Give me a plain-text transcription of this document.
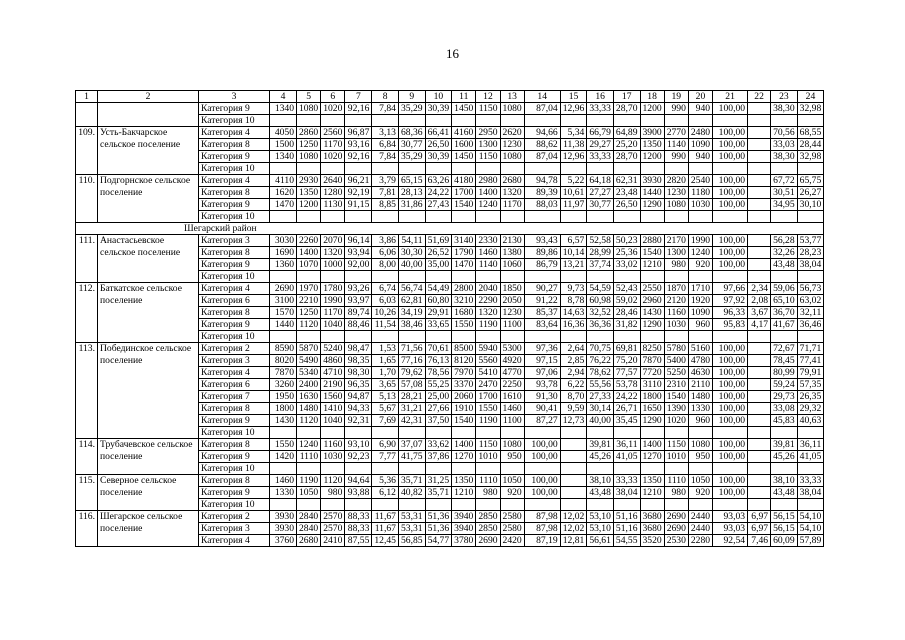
16
1	2	3	4	5	6	7	8	9	10	11	12	13	14	15	16	17	18	19	20	21	22	23	24
		Категория 9	1340	1080	1020	92,16	7,84	35,29	30,39	1450	1150	1080	87,04	12,96	33,33	28,70	1200	990	940	100,00		38,30	32,98
		Категория 10																					
109.	Усть-Бакчарское сельское поселение	Категория 4	4050	2860	2560	96,87	3,13	68,36	66,41	4160	2950	2620	94,66	5,34	66,79	64,89	3900	2770	2480	100,00		70,56	68,55
		Категория 8	1500	1250	1170	93,16	6,84	30,77	26,50	1600	1300	1230	88,62	11,38	29,27	25,20	1350	1140	1090	100,00		33,03	28,44
		Категория 9	1340	1080	1020	92,16	7,84	35,29	30,39	1450	1150	1080	87,04	12,96	33,33	28,70	1200	990	940	100,00		38,30	32,98
		Категория 10																					
110.	Подгорнское сельское поселение	Категория 4	4110	2930	2640	96,21	3,79	65,15	63,26	4180	2980	2680	94,78	5,22	64,18	62,31	3930	2820	2540	100,00		67,72	65,75
		Категория 8	1620	1350	1280	92,19	7,81	28,13	24,22	1700	1400	1320	89,39	10,61	27,27	23,48	1440	1230	1180	100,00		30,51	26,27
		Категория 9	1470	1200	1130	91,15	8,85	31,86	27,43	1540	1240	1170	88,03	11,97	30,77	26,50	1290	1080	1030	100,00		34,95	30,10
		Категория 10																					
Шегарский район																							
111.	Анастасьевское сельское поселение	Категория 3	3030	2260	2070	96,14	3,86	54,11	51,69	3140	2330	2130	93,43	6,57	52,58	50,23	2880	2170	1990	100,00		56,28	53,77
		Категория 8	1690	1400	1320	93,94	6,06	30,30	26,52	1790	1460	1380	89,86	10,14	28,99	25,36	1540	1300	1240	100,00		32,26	28,23
		Категория 9	1360	1070	1000	92,00	8,00	40,00	35,00	1470	1140	1060	86,79	13,21	37,74	33,02	1210	980	920	100,00		43,48	38,04
		Категория 10																					
112.	Баткатское сельское поселение	Категория 4	2690	1970	1780	93,26	6,74	56,74	54,49	2800	2040	1850	90,27	9,73	54,59	52,43	2550	1870	1710	97,66	2,34	59,06	56,73
		Категория 6	3100	2210	1990	93,97	6,03	62,81	60,80	3210	2290	2050	91,22	8,78	60,98	59,02	2960	2120	1920	97,92	2,08	65,10	63,02
		Категория 8	1570	1250	1170	89,74	10,26	34,19	29,91	1680	1320	1230	85,37	14,63	32,52	28,46	1430	1160	1090	96,33	3,67	36,70	32,11
		Категория 9	1440	1120	1040	88,46	11,54	38,46	33,65	1550	1190	1100	83,64	16,36	36,36	31,82	1290	1030	960	95,83	4,17	41,67	36,46
		Категория 10																					
113.	Побединское сельское поселение	Категория 2	8590	5870	5240	98,47	1,53	71,56	70,61	8500	5940	5300	97,36	2,64	70,75	69,81	8250	5780	5160	100,00		72,67	71,71
		Категория 3	8020	5490	4860	98,35	1,65	77,16	76,13	8120	5560	4920	97,15	2,85	76,22	75,20	7870	5400	4780	100,00		78,45	77,41
		Категория 4	7870	5340	4710	98,30	1,70	79,62	78,56	7970	5410	4770	97,06	2,94	78,62	77,57	7720	5250	4630	100,00		80,99	79,91
		Категория 6	3260	2400	2190	96,35	3,65	57,08	55,25	3370	2470	2250	93,78	6,22	55,56	53,78	3110	2310	2110	100,00		59,24	57,35
		Категория 7	1950	1630	1560	94,87	5,13	28,21	25,00	2060	1700	1610	91,30	8,70	27,33	24,22	1800	1540	1480	100,00		29,73	26,35
		Категория 8	1800	1480	1410	94,33	5,67	31,21	27,66	1910	1550	1460	90,41	9,59	30,14	26,71	1650	1390	1330	100,00		33,08	29,32
		Категория 9	1430	1120	1040	92,31	7,69	42,31	37,50	1540	1190	1100	87,27	12,73	40,00	35,45	1290	1020	960	100,00		45,83	40,63
		Категория 10																					
114.	Трубачевское сельское поселение	Категория 8	1550	1240	1160	93,10	6,90	37,07	33,62	1400	1150	1080	100,00		39,81	36,11	1400	1150	1080	100,00		39,81	36,11
		Категория 9	1420	1110	1030	92,23	7,77	41,75	37,86	1270	1010	950	100,00		45,26	41,05	1270	1010	950	100,00		45,26	41,05
		Категория 10																					
115.	Северное сельское поселение	Категория 8	1460	1190	1120	94,64	5,36	35,71	31,25	1350	1110	1050	100,00		38,10	33,33	1350	1110	1050	100,00		38,10	33,33
		Категория 9	1330	1050	980	93,88	6,12	40,82	35,71	1210	980	920	100,00		43,48	38,04	1210	980	920	100,00		43,48	38,04
		Категория 10																					
116.	Шегарское сельское поселение	Категория 2	3930	2840	2570	88,33	11,67	53,31	51,36	3940	2850	2580	87,98	12,02	53,10	51,16	3680	2690	2440	93,03	6,97	56,15	54,10
		Категория 3	3930	2840	2570	88,33	11,67	53,31	51,36	3940	2850	2580	87,98	12,02	53,10	51,16	3680	2690	2440	93,03	6,97	56,15	54,10
		Категория 4	3760	2680	2410	87,55	12,45	56,85	54,77	3780	2690	2420	87,19	12,81	56,61	54,55	3520	2530	2280	92,54	7,46	60,09	57,89
